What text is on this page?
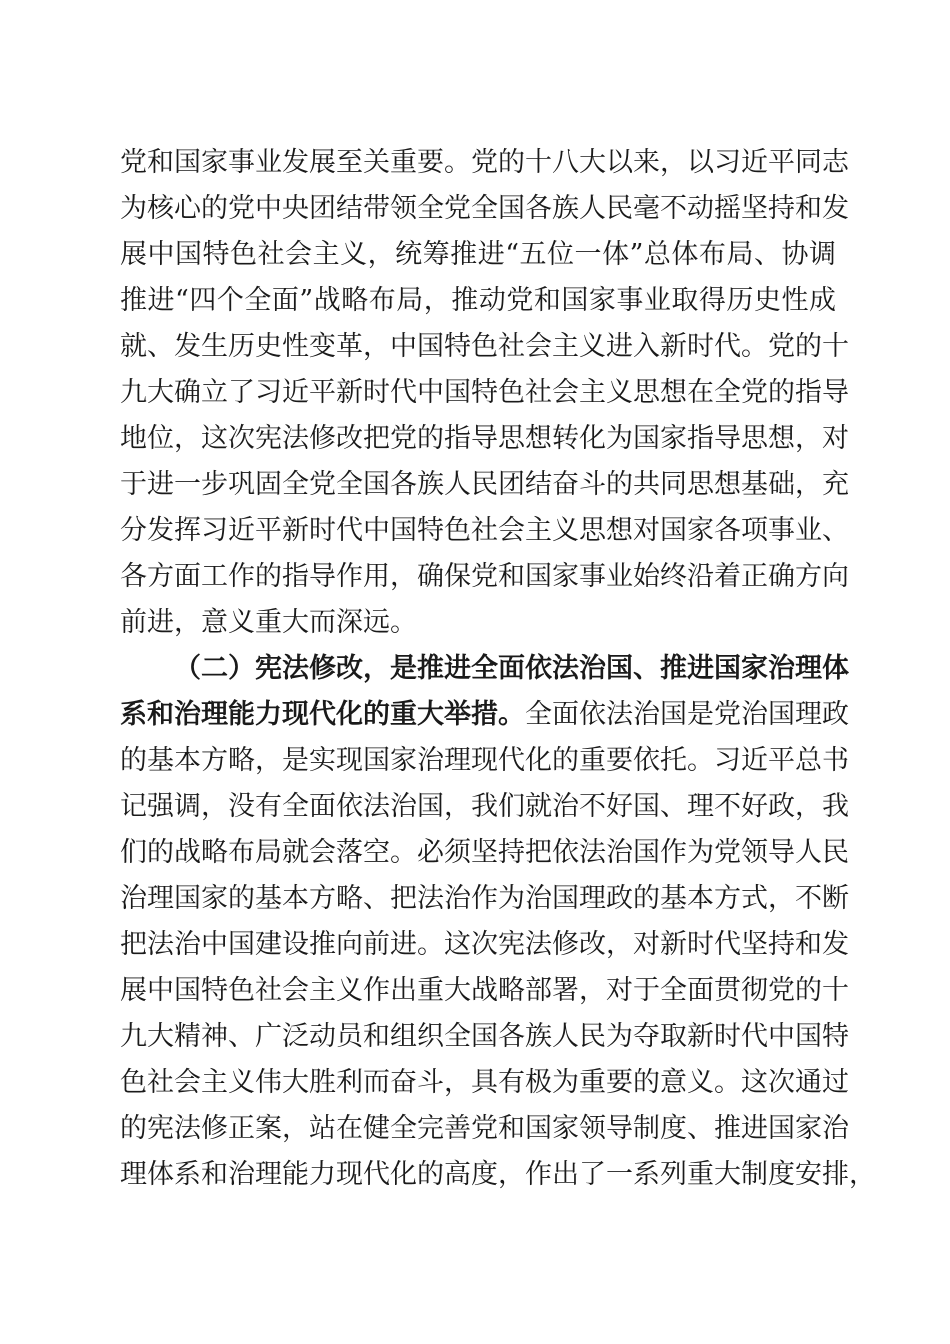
党和国家事业发展至关重要。党的十八大以来，以习近平同志
为核心的党中央团结带领全党全国各族人民毫不动摇坚持和发
展中国特色社会主义，统筹推进“五位一体”总体布局、协调
推进“四个全面”战略布局，推动党和国家事业取得历史性成
就、发生历史性变革，中国特色社会主义进入新时代。党的十
九大确立了习近平新时代中国特色社会主义思想在全党的指导
地位，这次宪法修改把党的指导思想转化为国家指导思想，对
于进一步巩固全党全国各族人民团结奋斗的共同思想基础，充
分发挥习近平新时代中国特色社会主义思想对国家各项事业、
各方面工作的指导作用，确保党和国家事业始终沿着正确方向
前进，意义重大而深远。
（二）宪法修改，是推进全面依法治国、推进国家治理体
系和治理能力现代化的重大举措。全面依法治国是党治国理政
的基本方略，是实现国家治理现代化的重要依托。习近平总书
记强调，没有全面依法治国，我们就治不好国、理不好政，我
们的战略布局就会落空。必须坚持把依法治国作为党领导人民
治理国家的基本方略、把法治作为治国理政的基本方式，不断
把法治中国建设推向前进。这次宪法修改，对新时代坚持和发
展中国特色社会主义作出重大战略部署，对于全面贯彻党的十
九大精神、广泛动员和组织全国各族人民为夺取新时代中国特
色社会主义伟大胜利而奋斗，具有极为重要的意义。这次通过
的宪法修正案，站在健全完善党和国家领导制度、推进国家治
理体系和治理能力现代化的高度，作出了一系列重大制度安排，
